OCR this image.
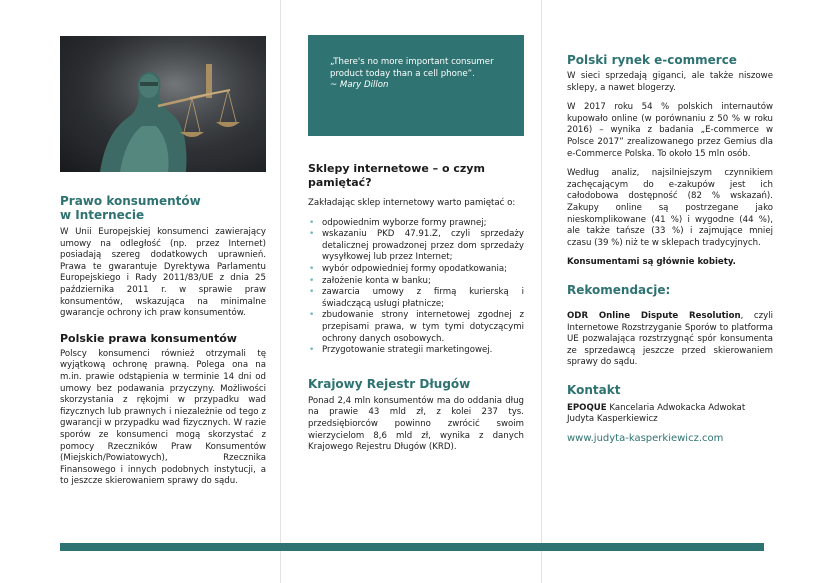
Prawo konsumentów
w Internecie

W Unii Europejskiej konsumenci zawierający umowy na odległość (np. przez Internet) posiadają szereg dodatkowych uprawnień. Prawa te gwarantuje Dyrektywa Parlamentu Europejskiego i Rady 2011/83/UE z dnia 25 października 2011 r. w sprawie praw konsumentów, wskazująca na minimalne gwarancje ochrony ich praw konsumentów.

Polskie prawa konsumentów

Polscy konsumenci również otrzymali tę wyjątkową ochronę prawną. Polega ona na m.in. prawie odstąpienia w terminie 14 dni od umowy bez podawania przyczyny. Możliwości skorzystania z rękojmi w przypadku wad fizycznych lub prawnych i niezależnie od tego z gwarancji w przypadku wad fizycznych. W razie sporów ze konsumenci mogą skorzystać z pomocy Rzeczników Praw Konsumentów (Miejskich/Powiatowych), Rzecznika Finansowego i innych podobnych instytucji, a to jeszcze skierowaniem sprawy do sądu.

„There's no more important consumer product today than a cell phone”.

~ Mary Dillon

Sklepy internetowe – o czym
pamiętać?

Zakładając sklep internetowy warto pamiętać o:

• odpowiednim wyborze formy prawnej;
• wskazaniu PKD 47.91.Z, czyli sprzedaży detalicznej prowadzonej przez dom sprzedaży wysyłkowej lub przez Internet;
• wybór odpowiedniej formy opodatkowania;
• założenie konta w banku;
• zawarcia umowy z firmą kurierską i świadczącą usługi płatnicze;
• zbudowanie strony internetowej zgodnej z przepisami prawa, w tym tymi dotyczącymi ochrony danych osobowych.
• Przygotowanie strategii marketingowej.
Krajowy Rejestr Długów

Ponad 2,4 mln konsumentów ma do oddania dług na prawie 43 mld zł, z kolei 237 tys. przedsiębiorców powinno zwrócić swoim wierzycielom 8,6 mld zł, wynika z danych Krajowego Rejestru Długów (KRD).

Polski rynek e-commerce

W sieci sprzedają giganci, ale także niszowe sklepy, a nawet blogerzy.

W 2017 roku 54 % polskich internautów kupowało online (w porównaniu z 50 % w roku 2016) – wynika z badania „E-commerce w Polsce 2017” zrealizowanego przez Gemius dla e-Commerce Polska. To około 15 mln osób.

Według analiz, najsilniejszym czynnikiem zachęcającym do e-zakupów jest ich całodobowa dostępność (82 % wskazań). Zakupy online są postrzegane jako nieskomplikowane (41 %) i wygodne (44 %), ale także tańsze (33 %) i zajmujące mniej czasu (39 %) niż te w sklepach tradycyjnych.

Konsumentami są głównie kobiety.

Rekomendacje:

ODR Online Dispute Resolution, czyli Internetowe Rozstrzyganie Sporów to platforma UE pozwalająca rozstrzygnąć spór konsumenta ze sprzedawcą jeszcze przed skierowaniem sprawy do sądu.

Kontakt

EPOQUE Kancelaria Adwokacka Adwokat Judyta Kasperkiewicz

www.judyta-kasperkiewicz.com
